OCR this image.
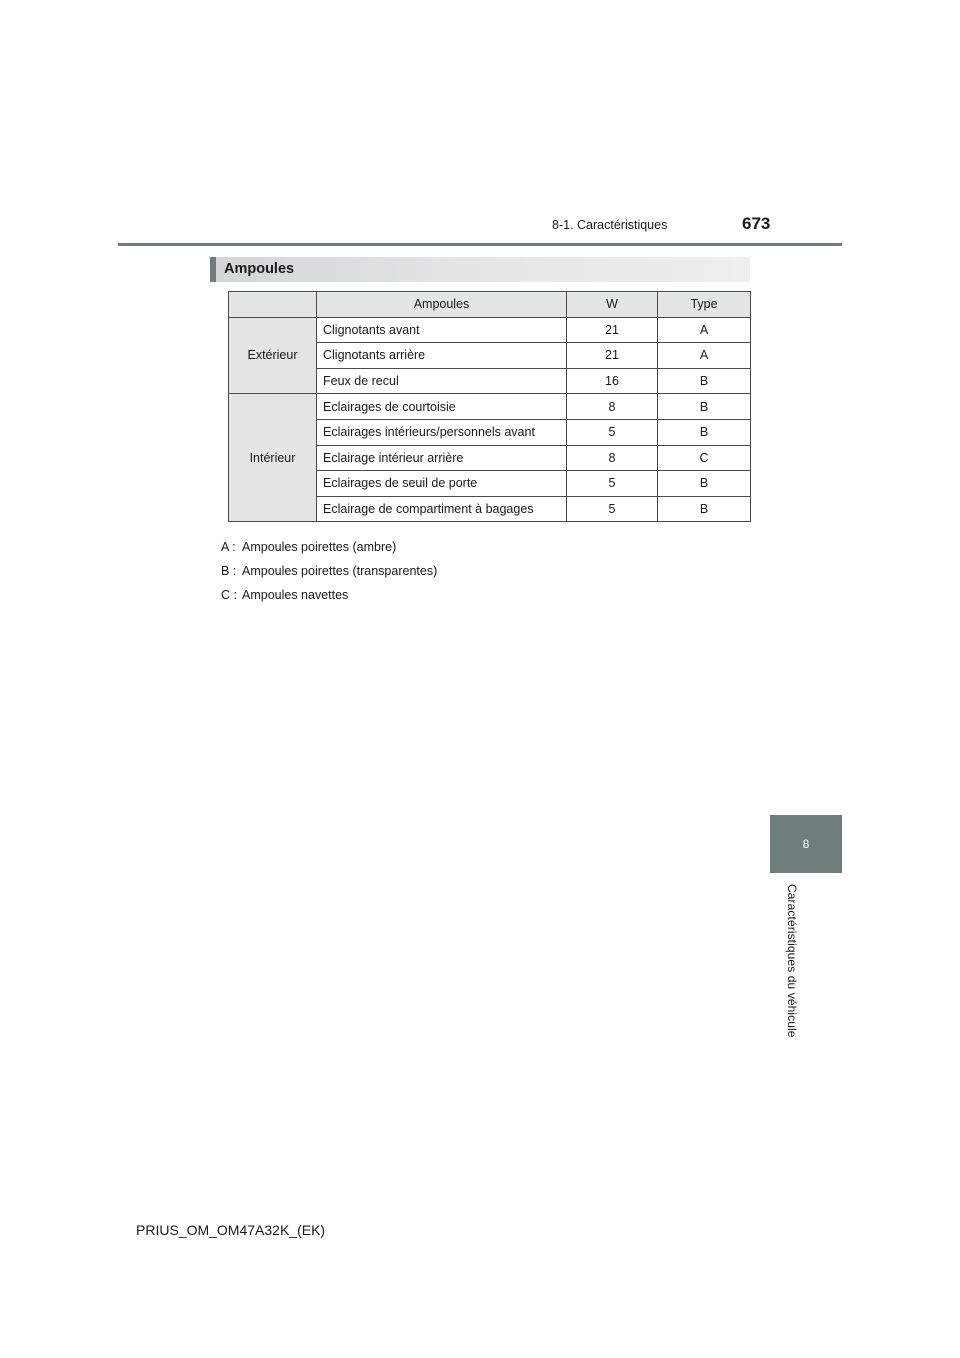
8-1. Caractéristiques	673
8
Caractéristiques du véhicule
Ampoules
	Ampoules	W	Type
Extérieur	Clignotants avant	21	A
	Clignotants arrière	21	A
	Feux de recul	16	B
Intérieur	Eclairages de courtoisie	8	B
	Eclairages intérieurs/personnels avant	5	B
	Eclairage intérieur arrière	8	C
	Eclairages de seuil de porte	5	B
	Eclairage de compartiment à bagages	5	B
A : Ampoules poirettes (ambre)
B : Ampoules poirettes (transparentes)
C : Ampoules navettes
PRIUS_OM_OM47A32K_(EK)
